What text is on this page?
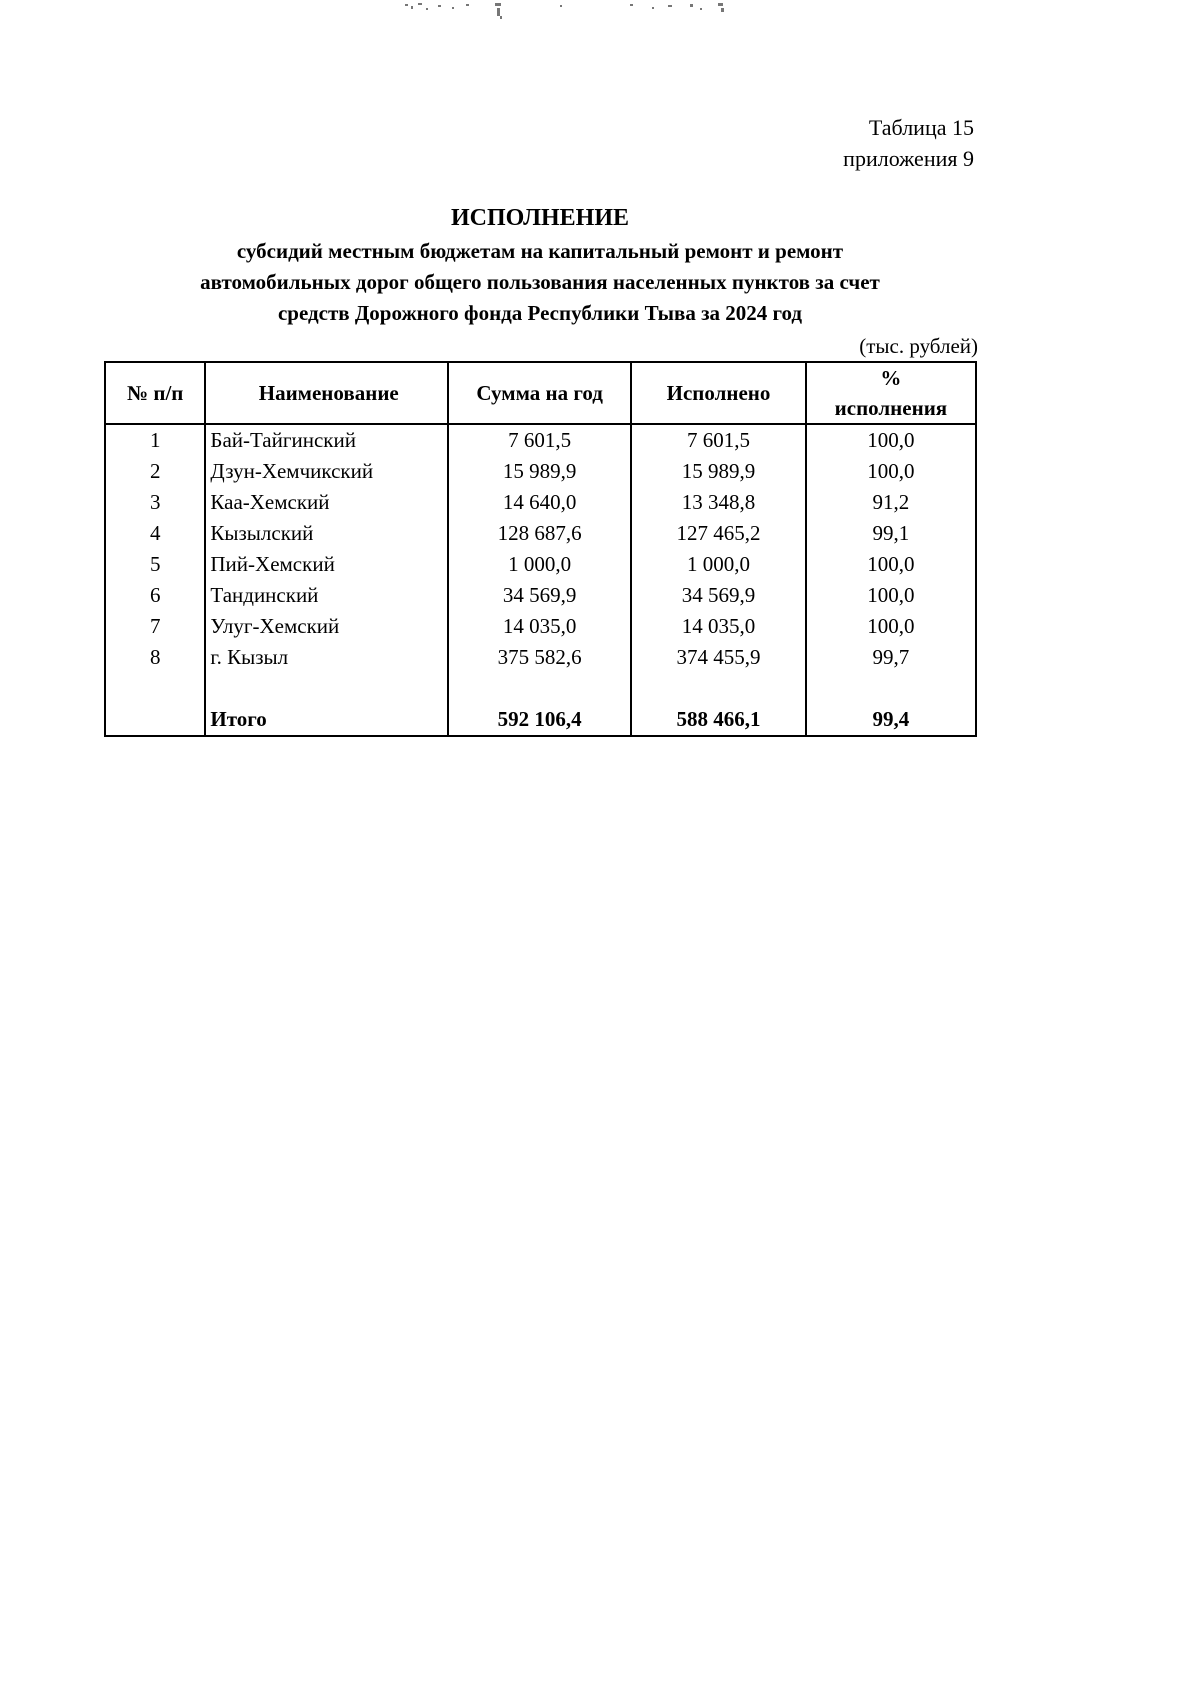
Таблица 15
приложения 9
ИСПОЛНЕНИЕ
субсидий местным бюджетам на капитальный ремонт и ремонт
автомобильных дорог общего пользования населенных пунктов за счет
средств Дорожного фонда Республики Тыва за 2024 год
(тыс. рублей)
№ п/п	Наименование	Сумма на год	Исполнено	%
исполнения

1	Бай-Тайгинский	7 601,5	7 601,5	100,0
2	Дзун-Хемчикский	15 989,9	15 989,9	100,0
3	Каа-Хемский	14 640,0	13 348,8	91,2
4	Кызылский	128 687,6	127 465,2	99,1
5	Пий-Хемский	1 000,0	1 000,0	100,0
6	Тандинский	34 569,9	34 569,9	100,0
7	Улуг-Хемский	14 035,0	14 035,0	100,0
8	г. Кызыл	375 582,6	374 455,9	99,7

	Итого	592 106,4	588 466,1	99,4
